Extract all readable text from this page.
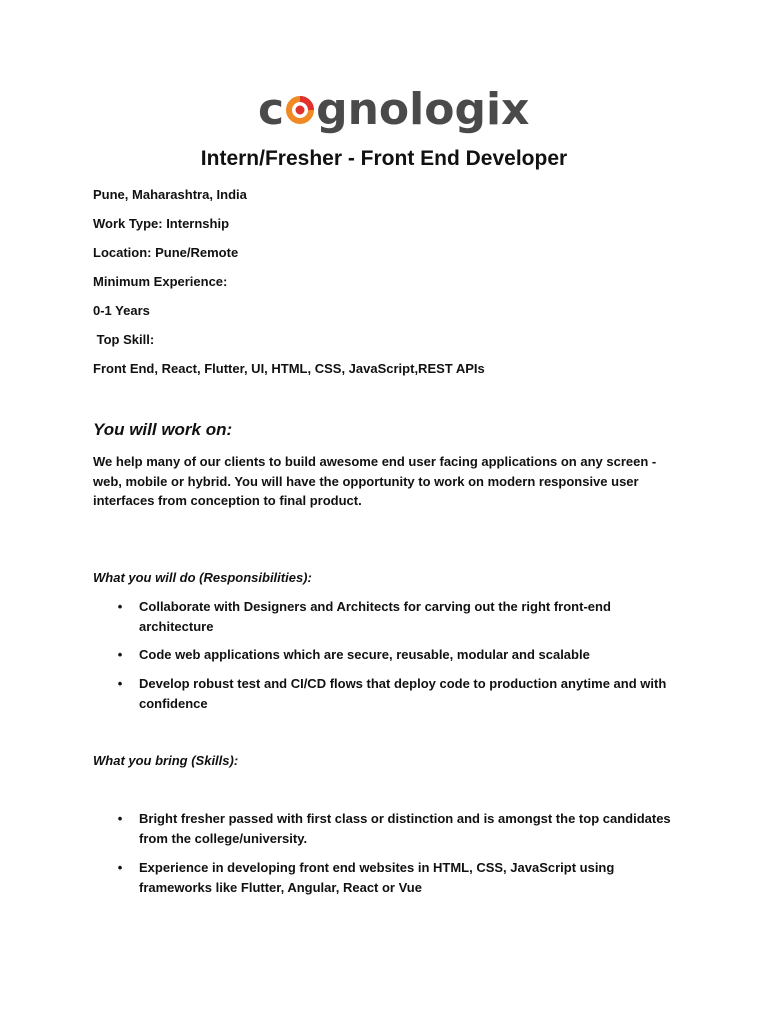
c gnologix
Intern/Fresher - Front End Developer
Pune, Maharashtra, India
Work Type: Internship
Location: Pune/Remote
Minimum Experience:
0-1 Years
Top Skill:
Front End, React, Flutter, UI, HTML, CSS, JavaScript,REST APIs
You will work on:
We help many of our clients to build awesome end user facing applications on any screen - web, mobile or hybrid. You will have the opportunity to work on modern responsive user interfaces from conception to final product.
What you will do (Responsibilities):
• Collaborate with Designers and Architects for carving out the right front-end architecture
• Code web applications which are secure, reusable, modular and scalable
• Develop robust test and CI/CD flows that deploy code to production anytime and with confidence
What you bring (Skills):
• Bright fresher passed with first class or distinction and is amongst the top candidates from the college/university.
• Experience in developing front end websites in HTML, CSS, JavaScript using frameworks like Flutter, Angular, React or Vue
